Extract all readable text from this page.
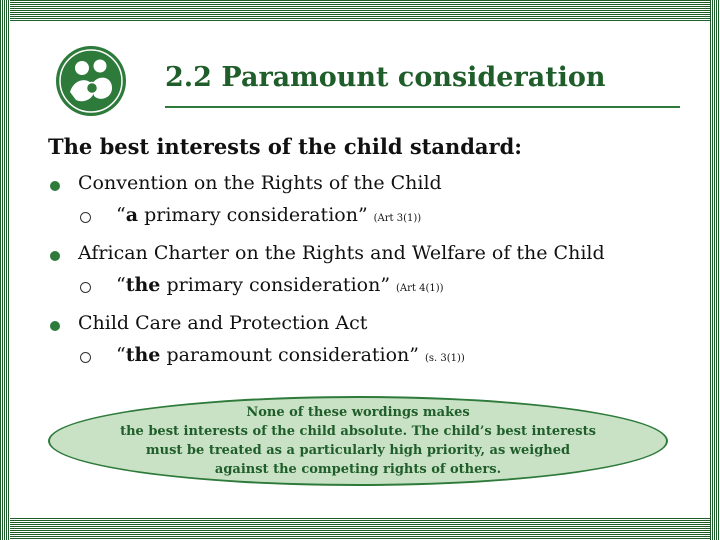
2.2 Paramount consideration
The best interests of the child standard:
Convention on the Rights of the Child
“a primary consideration” (Art 3(1))
African Charter on the Rights and Welfare of the Child
“the primary consideration” (Art 4(1))
Child Care and Protection Act
“the paramount consideration” (s. 3(1))
None of these wordings makes
the best interests of the child absolute. The child’s best interests
must be treated as a particularly high priority, as weighed
against the competing rights of others.
